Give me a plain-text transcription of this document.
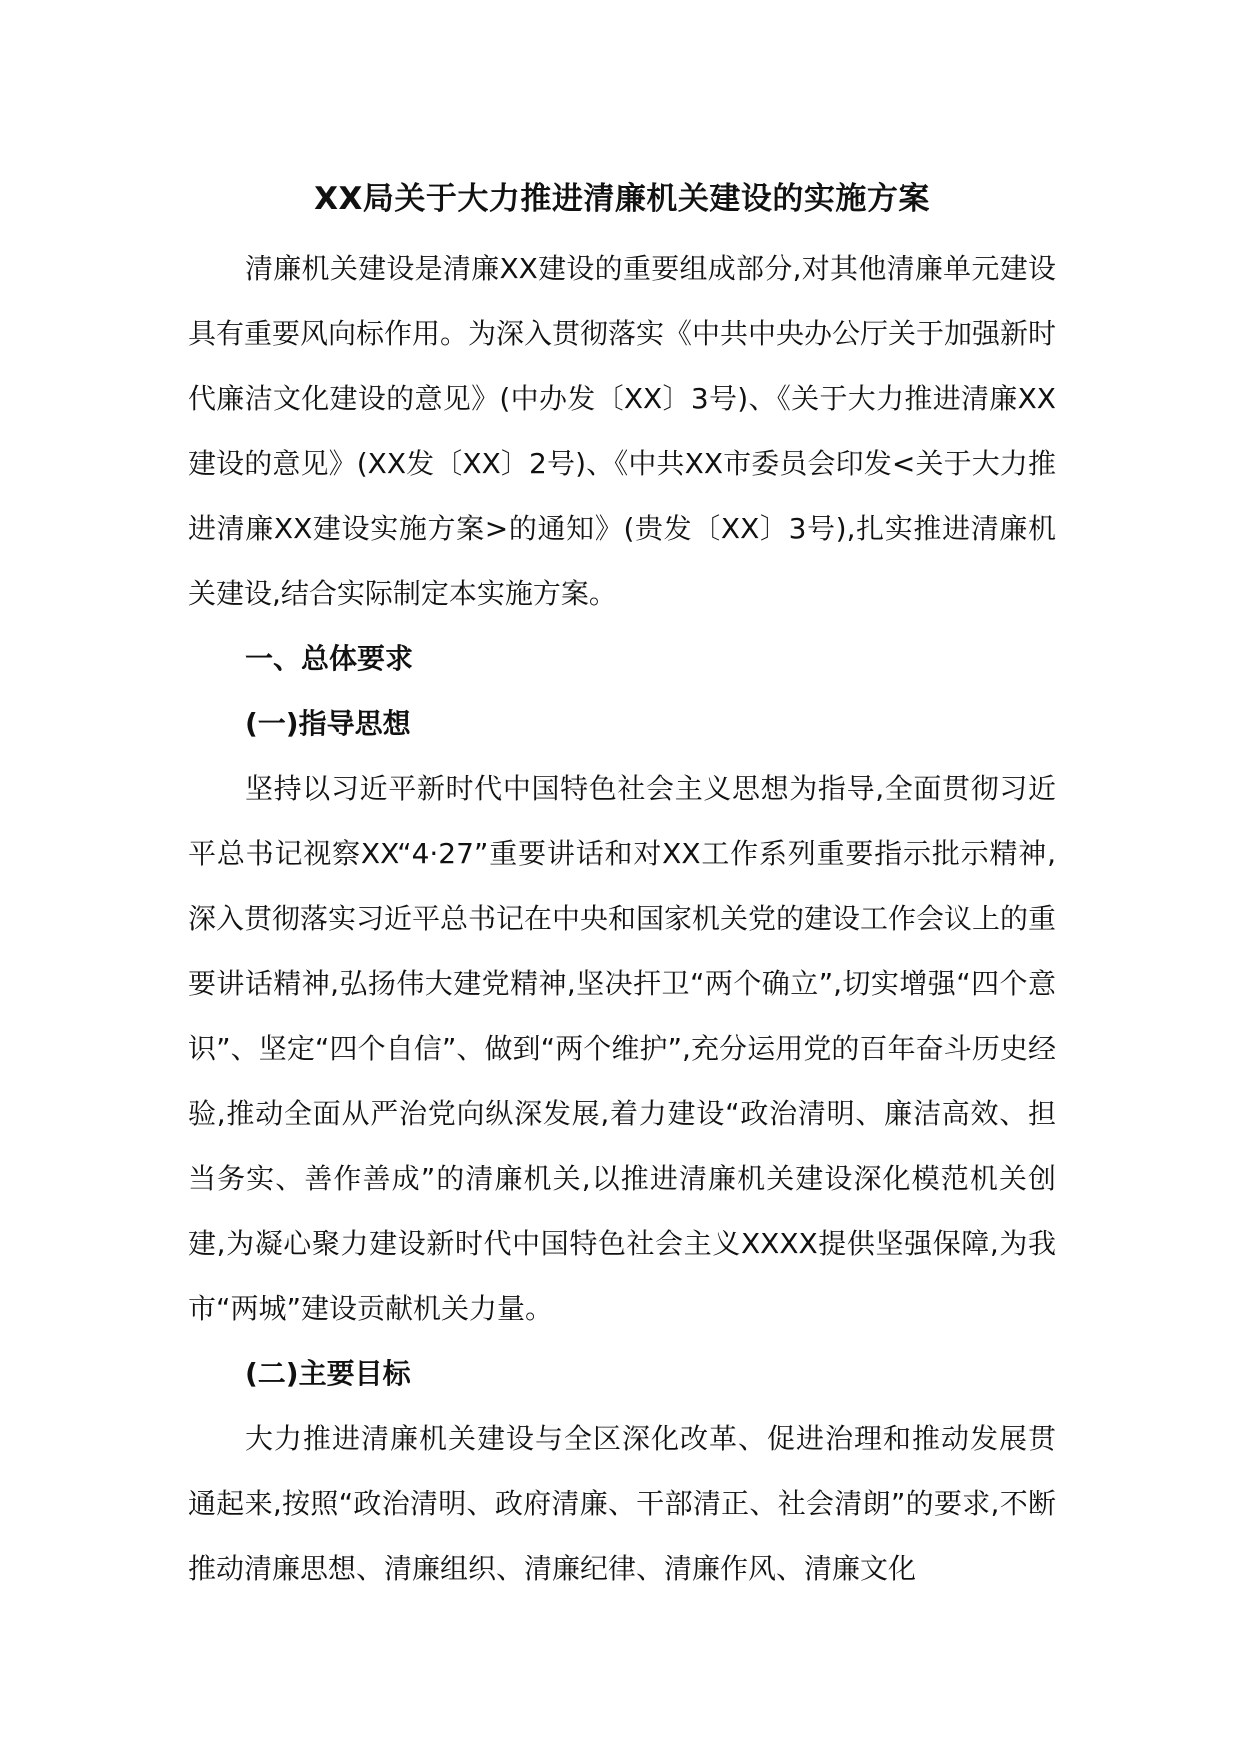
XX局关于大力推进清廉机关建设的实施方案

清廉机关建设是清廉XX建设的重要组成部分,对其他清廉单元建设具有重要风向标作用。为深入贯彻落实《中共中央办公厅关于加强新时代廉洁文化建设的意见》(中办发〔XX〕3号)、《关于大力推进清廉XX建设的意见》(XX发〔XX〕2号)、《中共XX市委员会印发<关于大力推进清廉XX建设实施方案>的通知》(贵发〔XX〕3号),扎实推进清廉机关建设,结合实际制定本实施方案。

一、总体要求
(一)指导思想

坚持以习近平新时代中国特色社会主义思想为指导,全面贯彻习近平总书记视察XX“4·27”重要讲话和对XX工作系列重要指示批示精神,深入贯彻落实习近平总书记在中央和国家机关党的建设工作会议上的重要讲话精神,弘扬伟大建党精神,坚决扞卫“两个确立”,切实增强“四个意识”、坚定“四个自信”、做到“两个维护”,充分运用党的百年奋斗历史经验,推动全面从严治党向纵深发展,着力建设“政治清明、廉洁高效、担当务实、善作善成”的清廉机关,以推进清廉机关建设深化模范机关创建,为凝心聚力建设新时代中国特色社会主义XXXX提供坚强保障,为我市“两城”建设贡献机关力量。

(二)主要目标

大力推进清廉机关建设与全区深化改革、促进治理和推动发展贯通起来,按照“政治清明、政府清廉、干部清正、社会清朗”的要求,不断推动清廉思想、清廉组织、清廉纪律、清廉作风、清廉文化
